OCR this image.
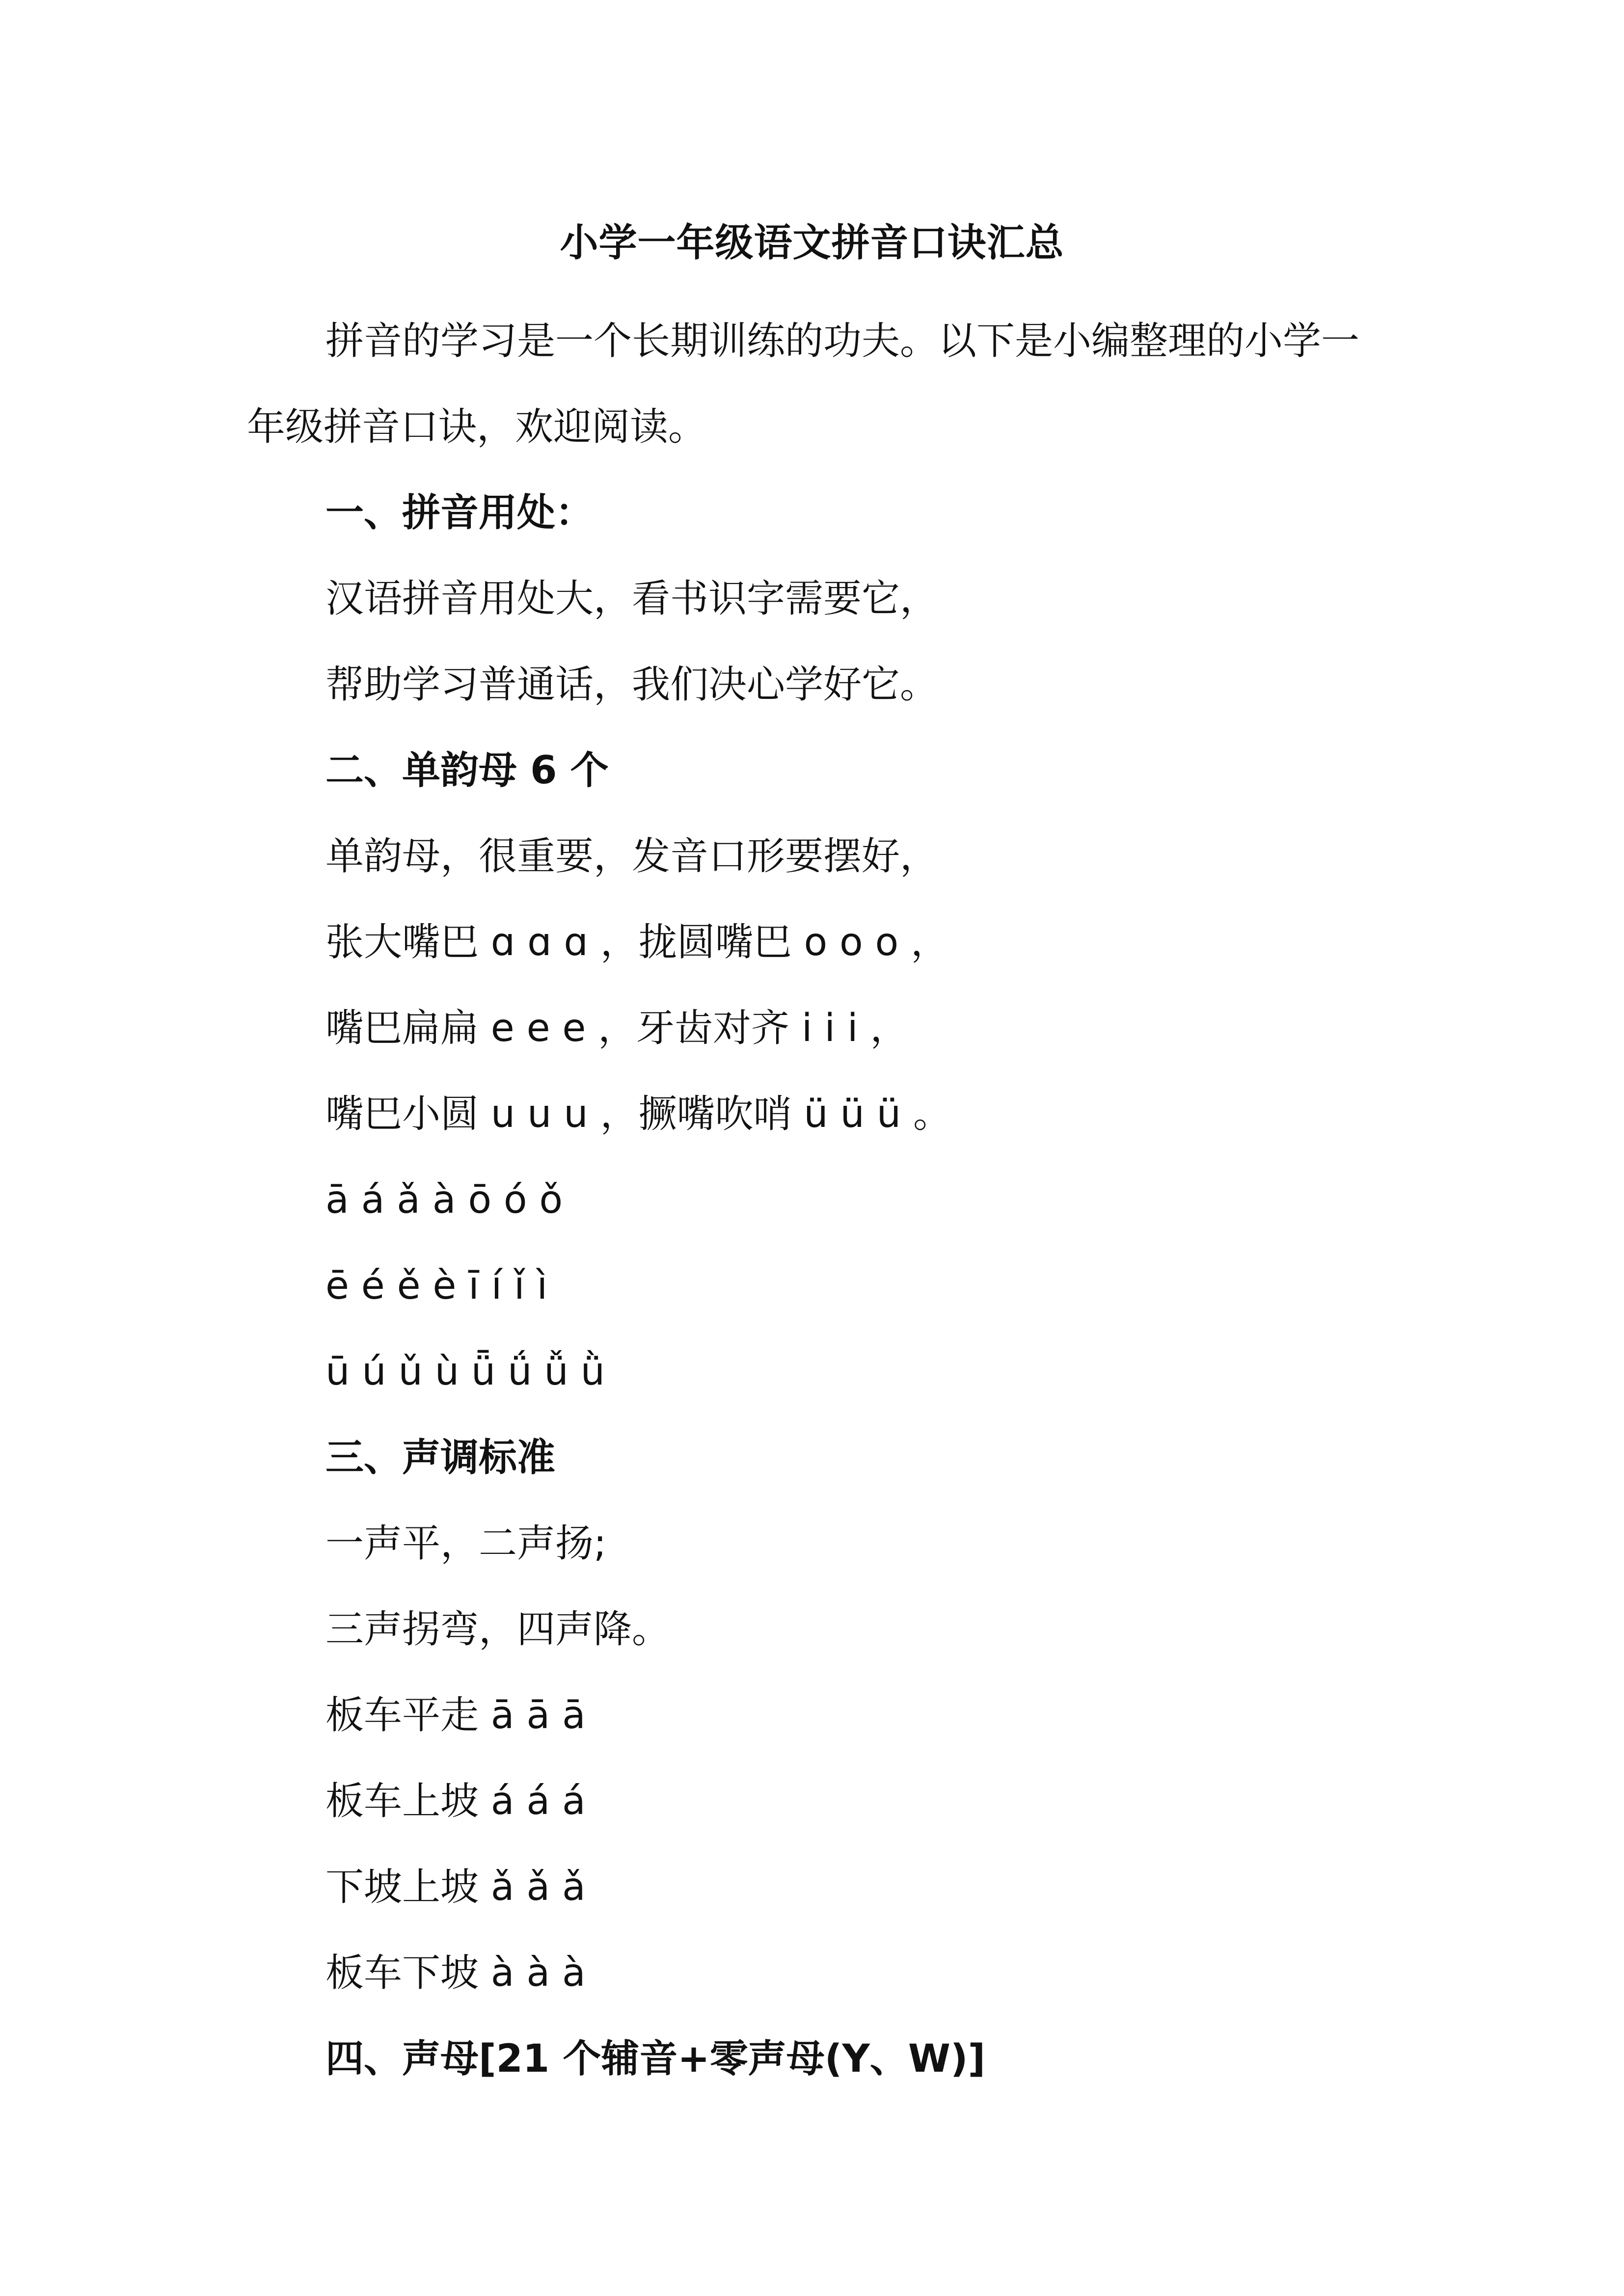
小学一年级语文拼音口诀汇总
拼音的学习是一个长期训练的功夫。以下是小编整理的小学一
年级拼音口诀，欢迎阅读。
一、拼音用处：
汉语拼音用处大，看书识字需要它，
帮助学习普通话，我们决心学好它。
二、单韵母 6 个
单韵母，很重要，发音口形要摆好，
张大嘴巴 ɑ ɑ ɑ ，拢圆嘴巴 o o o ，
嘴巴扁扁 e e e ，牙齿对齐 i i i ，
嘴巴小圆 u u u ，撅嘴吹哨 ü ü ü 。
ā á ǎ à ō ó ǒ
ē é ě è ī í ǐ ì
ū ú ǔ ù ǖ ǘ ǚ ǜ
三、声调标准
一声平，二声扬;
三声拐弯，四声降。
板车平走 ā ā ā
板车上坡 á á á
下坡上坡 ǎ ǎ ǎ
板车下坡 à à à
四、声母[21 个辅音+零声母(Y、W)]
